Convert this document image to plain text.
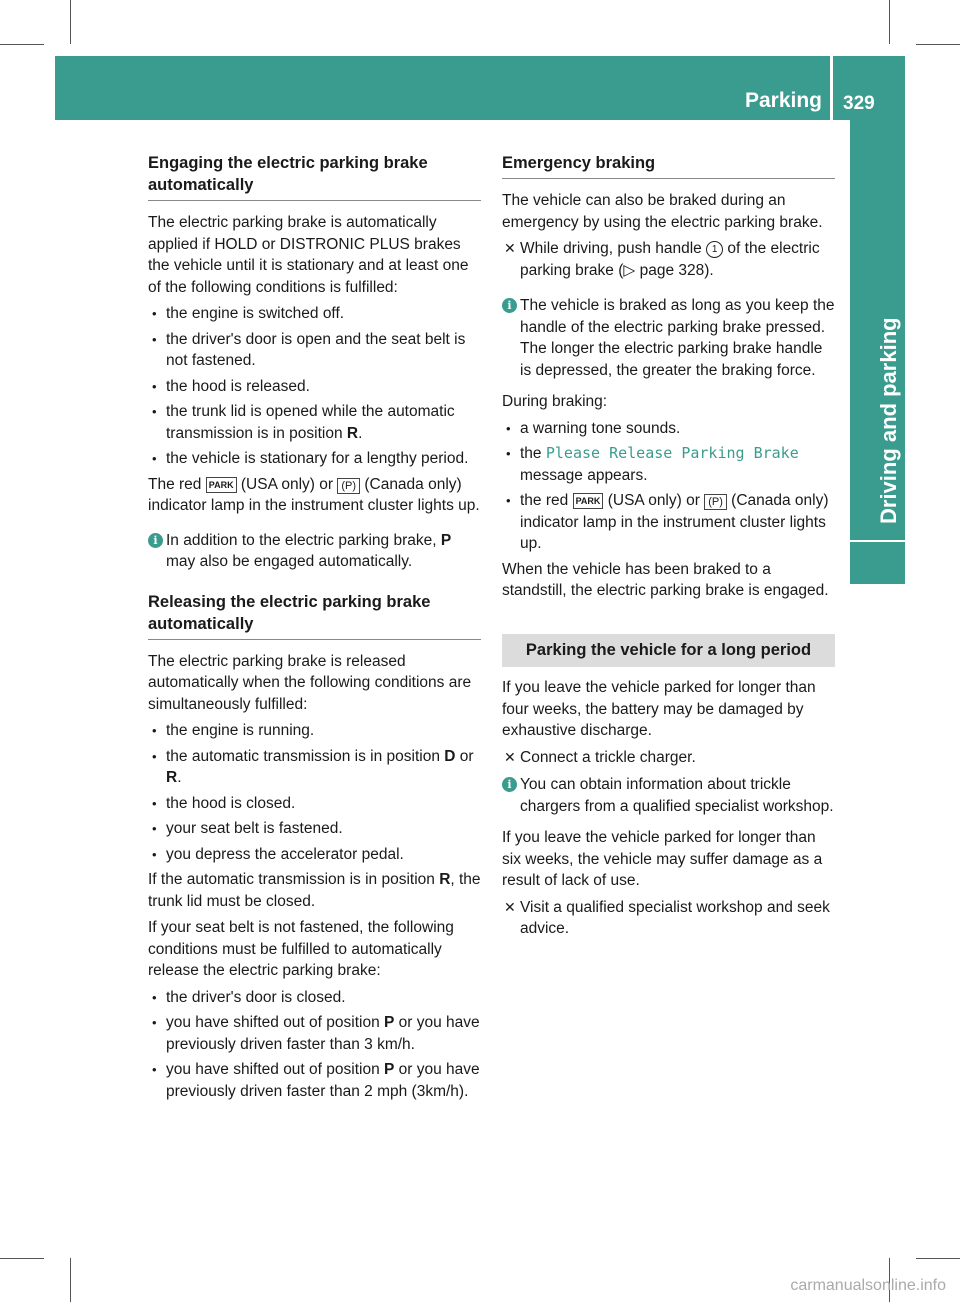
Parking 329
Driving and parking
Engaging the electric parking brake automatically

The electric parking brake is automatically applied if HOLD or DISTRONIC PLUS brakes the vehicle until it is stationary and at least one of the following conditions is fulfilled:

• the engine is switched off.
• the driver's door is open and the seat belt is not fastened.
• the hood is released.
• the trunk lid is opened while the automatic transmission is in position R.
• the vehicle is stationary for a lengthy period.

The red PARK (USA only) or (P) (Canada only) indicator lamp in the instrument cluster lights up.

i In addition to the electric parking brake, P may also be engaged automatically.
Releasing the electric parking brake automatically

The electric parking brake is released automatically when the following conditions are simultaneously fulfilled:

• the engine is running.
• the automatic transmission is in position D or R.
• the hood is closed.
• your seat belt is fastened.
• you depress the accelerator pedal.

If the automatic transmission is in position R, the trunk lid must be closed.

If your seat belt is not fastened, the following conditions must be fulfilled to automatically release the electric parking brake:

• the driver's door is closed.
• you have shifted out of position P or you have previously driven faster than 3 km/h.
• you have shifted out of position P or you have previously driven faster than 2 mph (3km/h).
Emergency braking

The vehicle can also be braked during an emergency by using the electric parking brake.

✕ While driving, push handle 1 of the electric parking brake (▷ page 328).
i The vehicle is braked as long as you keep the handle of the electric parking brake pressed. The longer the electric parking brake handle is depressed, the greater the braking force.

During braking:

• a warning tone sounds.
• the Please Release Parking Brake message appears.
• the red PARK (USA only) or (P) (Canada only) indicator lamp in the instrument cluster lights up.

When the vehicle has been braked to a standstill, the electric parking brake is engaged.

Parking the vehicle for a long period

If you leave the vehicle parked for longer than four weeks, the battery may be damaged by exhaustive discharge.

✕ Connect a trickle charger.
i You can obtain information about trickle chargers from a qualified specialist workshop.

If you leave the vehicle parked for longer than six weeks, the vehicle may suffer damage as a result of lack of use.

✕ Visit a qualified specialist workshop and seek advice.
carmanualsonline.info
